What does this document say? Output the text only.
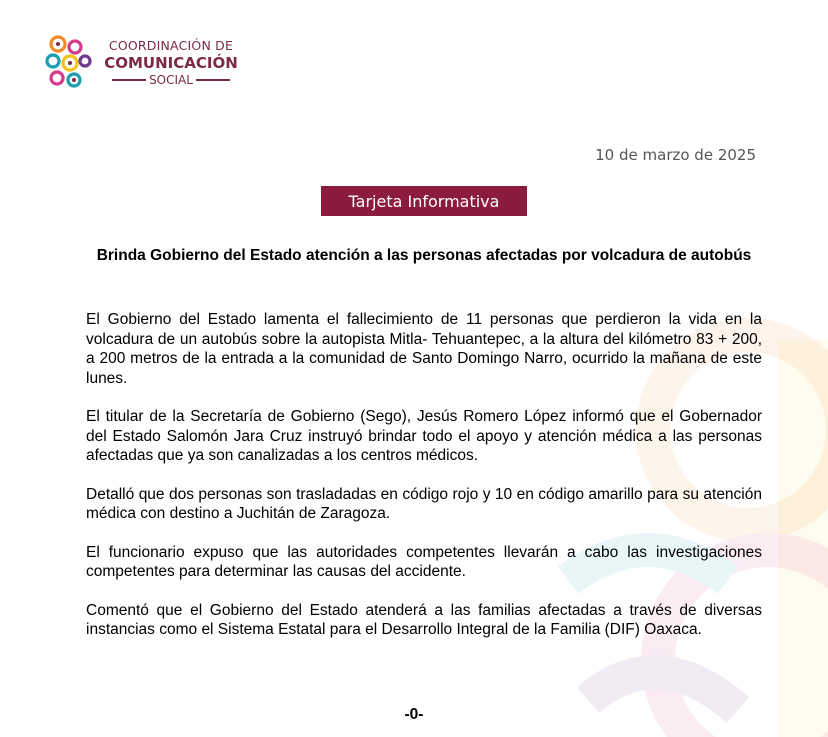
COORDINACIÓN DE
COMUNICACIÓN
SOCIAL
10 de marzo de 2025
Tarjeta Informativa
Brinda Gobierno del Estado atención a las personas afectadas por volcadura de autobús

El Gobierno del Estado lamenta el fallecimiento de 11 personas que perdieron la vida en la volcadura de un autobús sobre la autopista Mitla- Tehuantepec, a la altura del kilómetro 83 + 200, a 200 metros de la entrada a la comunidad de Santo Domingo Narro, ocurrido la mañana de este lunes.

El titular de la Secretaría de Gobierno (Sego), Jesús Romero López informó que el Gobernador del Estado Salomón Jara Cruz instruyó brindar todo el apoyo y atención médica a las personas afectadas que ya son canalizadas a los centros médicos.

Detalló que dos personas son trasladadas en código rojo y 10 en código amarillo para su atención médica con destino a Juchitán de Zaragoza.

El funcionario expuso que las autoridades competentes llevarán a cabo las investigaciones competentes para determinar las causas del accidente.

Comentó que el Gobierno del Estado atenderá a las familias afectadas a través de diversas instancias como el Sistema Estatal para el Desarrollo Integral de la Familia (DIF) Oaxaca.

-0-
